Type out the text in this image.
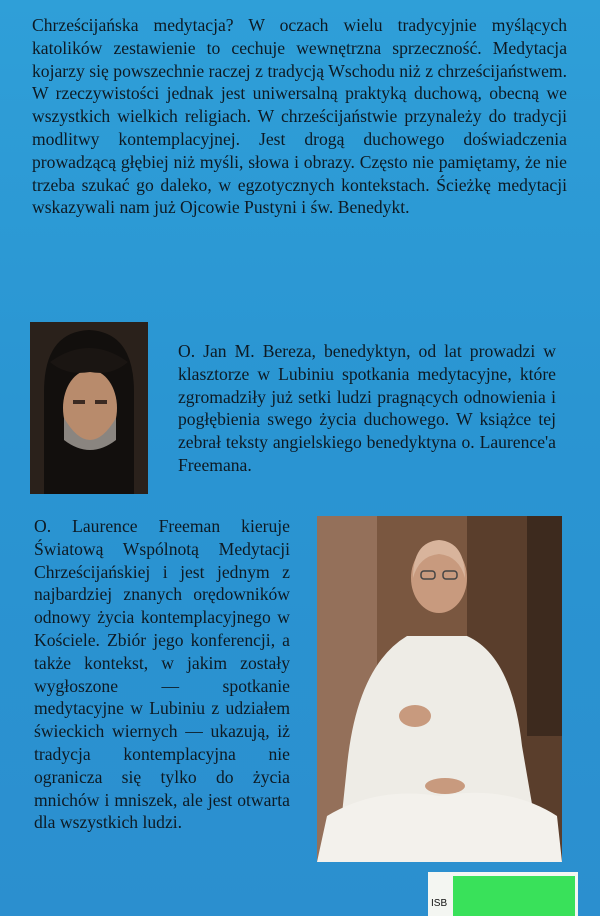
Chrześcijańska medytacja? W oczach wielu tradycyjnie myślących katolików zestawienie to cechuje wewnętrzna sprzeczność. Medytacja kojarzy się powszechnie raczej z tradycją Wschodu niż z chrześcijaństwem. W rzeczywistości jednak jest uniwersalną praktyką duchową, obecną we wszystkich wielkich religiach. W chrześcijaństwie przynależy do tradycji modlitwy kontemplacyjnej. Jest drogą duchowego doświadczenia prowadzącą głębiej niż myśli, słowa i obrazy. Często nie pamiętamy, że nie trzeba szukać go daleko, w egzotycznych kontekstach. Ścieżkę medytacji wskazywali nam już Ojcowie Pustyni i św. Benedykt.

O. Jan M. Bereza, benedyktyn, od lat prowadzi w klasztorze w Lubiniu spotkania medytacyjne, które zgromadziły już setki ludzi pragnących odnowienia i pogłębienia swego życia duchowego. W książce tej zebrał teksty angielskiego benedyktyna o. Laurence'a Freemana.

O. Laurence Freeman kieruje Światową Wspólnotą Medytacji Chrześcijańskiej i jest jednym z najbardziej znanych orędowników odnowy życia kontemplacyjnego w Kościele. Zbiór jego konferencji, a także kontekst, w jakim zostały wygłoszone — spotkanie medytacyjne w Lubiniu z udziałem świeckich wiernych — ukazują, iż tradycja kontemplacyjna nie ogranicza się tylko do życia mnichów i mniszek, ale jest otwarta dla wszystkich ludzi.

ISB
